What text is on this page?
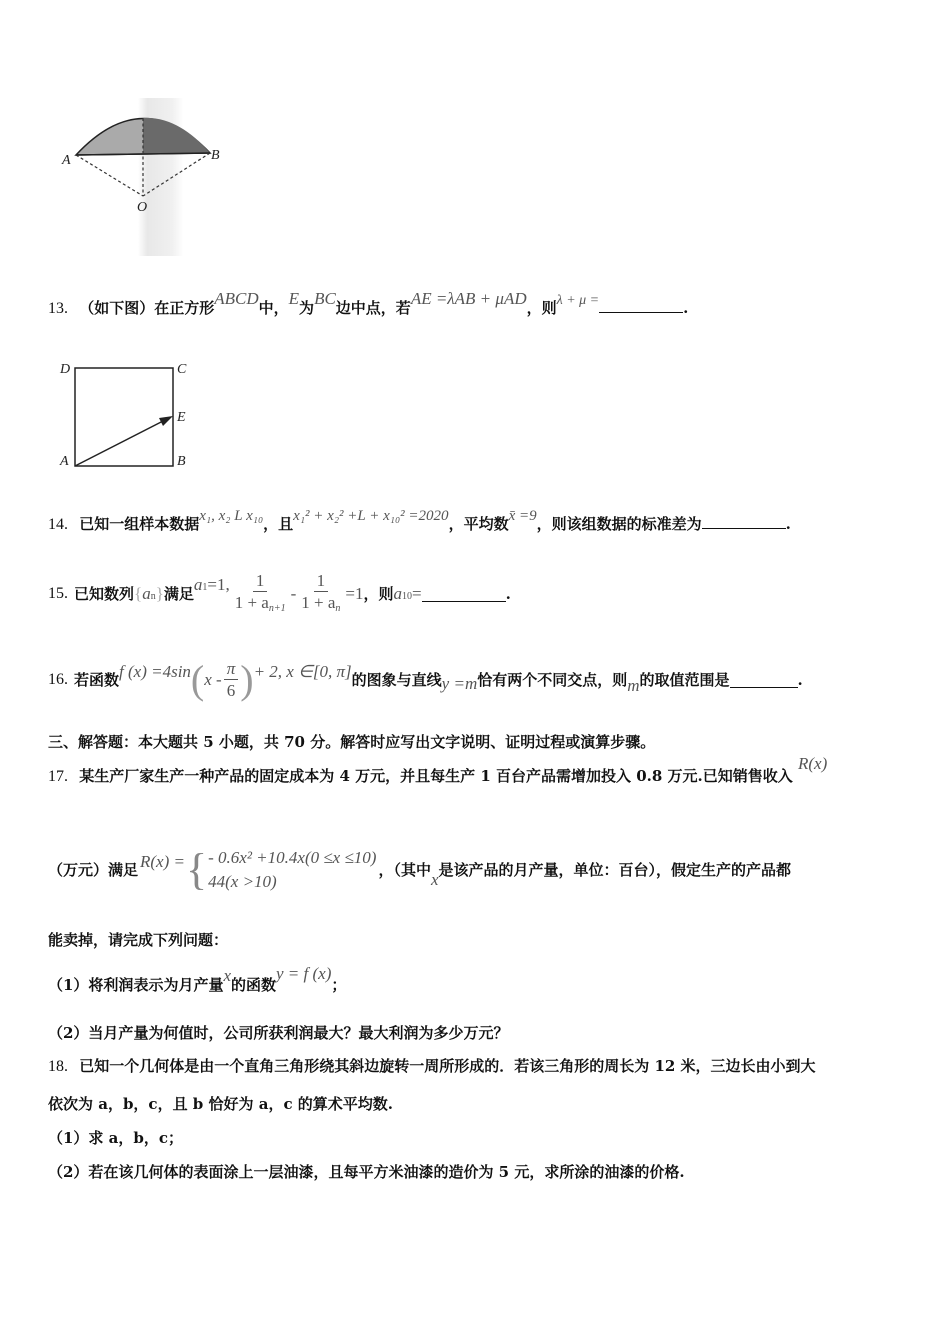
A	B
O
13. （如下图）在正方形ABCD中，E为BC边中点，若AE =λAB + μAD，则λ + μ =	.
D	C
E
A	B
14. 已知一组样本数据x₁, x₂ L x₁₀，且x₁² + x₂² +L + x₁₀² =2020，平均数x̄ =9，则该组数据的标准差为	.
15. 已知数列 { a n } 满足 a 1 =1, $\frac{1}{1 + an+1} - \frac{1}{1 + an} =1$ ，则 a 10 =	.
16. 若函数 f (x) =4sin ( x - $\frac{\pi}{6}$ ) + 2, x ∈[0, π] 的图象与直线 y =m 恰有两个不同交点，则 m 的取值范围是	.
三、解答题：本大题共 5 小题，共 70 分。解答时应写出文字说明、证明过程或演算步骤。
17. 某生产厂家生产一种产品的固定成本为 4 万元，并且每生产 1 百台产品需增加投入 0.8 万元.已知销售收入 R(x)
（万元）满足 R(x) = { - 0.6x² +10.4x(0 ≤x ≤10)
44(x >10)
，（其中 x 是该产品的月产量，单位：百台），假定生产的产品都
能卖掉，请完成下列问题：
（1）将利润表示为月产量x的函数y = f (x)；
（2）当月产量为何值时，公司所获利润最大？最大利润为多少万元？
18. 已知一个几何体是由一个直角三角形绕其斜边旋转一周所形成的．若该三角形的周长为 12 米，三边长由小到大
依次为 a，b，c，且 b 恰好为 a，c 的算术平均数.
（1）求 a，b，c；
（2）若在该几何体的表面涂上一层油漆，且每平方米油漆的造价为 5 元，求所涂的油漆的价格.
